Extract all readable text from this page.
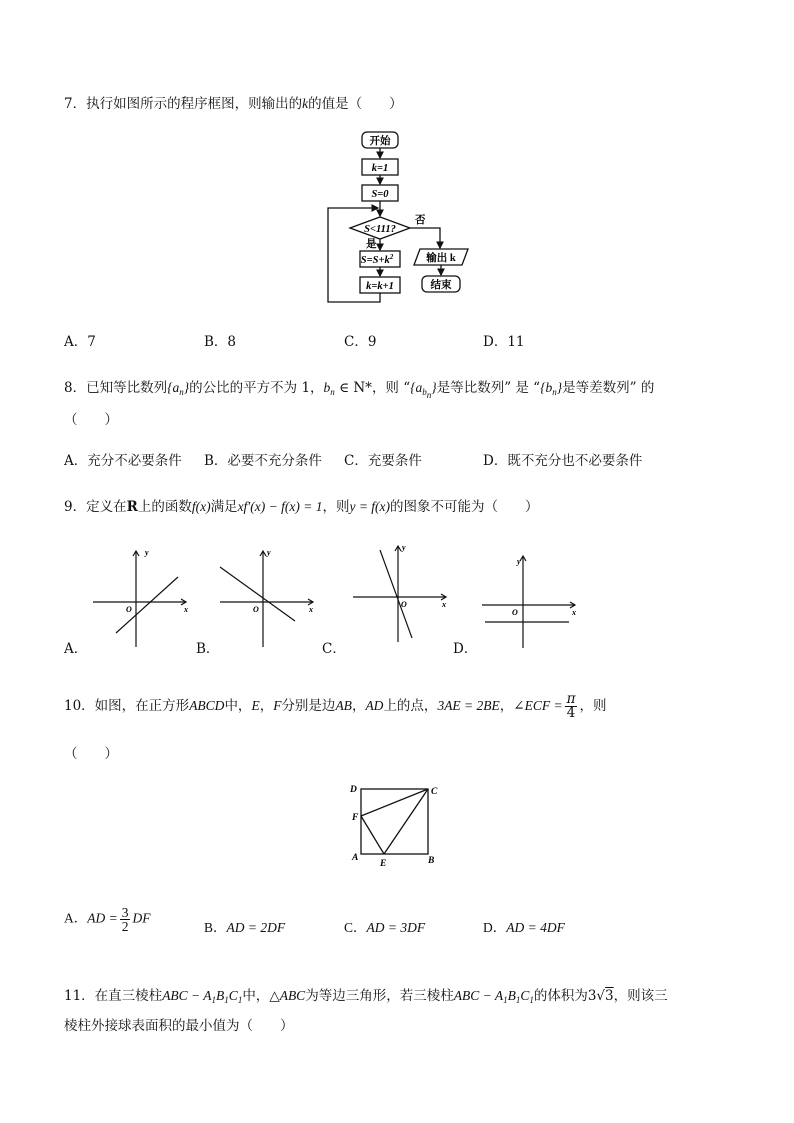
7．执行如图所示的程序框图，则输出的k的值是（　　）
开始
k=1
S=0
S<111?
否
是
$S=S+k^2$
k=k+1
输出 k
结束
A．7	B．8	C．9	D．11
8．已知等比数列$\{a_n\}$的公比的平方不为 1，$b_n$ ∈ N*，则 “$\{a_{b_n}\}$是等比数列” 是 “$\{b_n\}$是等差数列” 的
（　　）
A．充分不必要条件 B．必要不充分条件 C．充要条件	D．既不充分也不必要条件
9．定义在R上的函数f(x)满足xf′(x) − f(x) = 1，则y = f(x)的图象不可能为（　　）
A．
y
x
O
B．
y
x
O
C．
y
x
O
D．
y
x
O
10．如图，在正方形ABCD中，E，F分别是边AB，AD上的点，3AE = 2BE，∠ECF = $\frac{\pi}{4}$ ，则
（　　）
D	C
F
A
E	B
A．AD = $\frac{3}{2}$ DF
B．AD = 2DF	C．AD = 3DF	D．AD = 4DF
11．在直三棱柱ABC − $A_1B_1C_1$中，△ABC为等边三角形，若三棱柱ABC − $A_1B_1C_1$的体积为3√3，则该三
棱柱外接球表面积的最小值为（　　）
